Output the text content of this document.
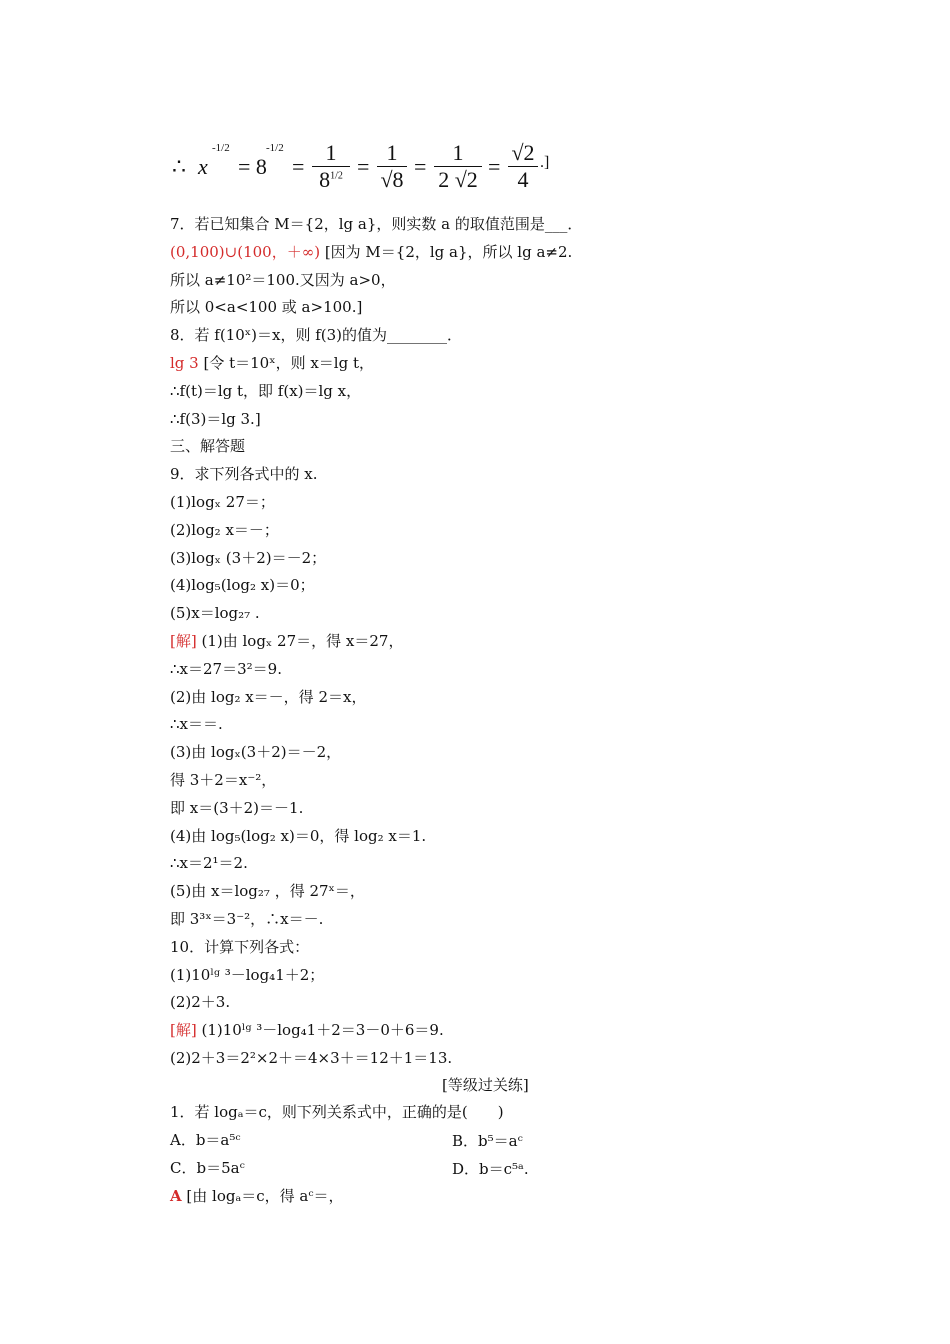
∴ x
-1/2
= 8
-1/2
=
1
$8^{1/2}$ =
1
√8
=
1
2 √2
=
√2
4
.]
7．若已知集合 M＝{2，lg a}，则实数 a 的取值范围是___．
(0,100)∪(100，＋∞) [因为 M＝{2，lg a}，所以 lg a≠2.
所以 a≠10²＝100.又因为 a>0，
所以 0<a<100 或 a>100.]
8．若 f(10ˣ)＝x，则 f(3)的值为________．
lg 3 [令 t＝10ˣ，则 x＝lg t，
∴f(t)＝lg t，即 f(x)＝lg x，
∴f(3)＝lg 3.]
三、解答题
9．求下列各式中的 x.
(1)logₓ 27＝；
(2)log₂ x＝－；
(3)logₓ (3＋2)＝－2；
(4)log₅(log₂ x)＝0；
(5)x＝log₂₇ .
[解] (1)由 logₓ 27＝，得 x＝27，
∴x＝27＝3²＝9.
(2)由 log₂ x＝－，得 2＝x，
∴x＝＝.
(3)由 logₓ(3＋2)＝－2，
得 3＋2＝x⁻²，
即 x＝(3＋2)＝－1.
(4)由 log₅(log₂ x)＝0，得 log₂ x＝1.
∴x＝2¹＝2.
(5)由 x＝log₂₇ ，得 27ˣ＝，
即 3³ˣ＝3⁻²，∴x＝－.
10．计算下列各式：
(1)10ˡᵍ ³－log₄1＋2；
(2)2＋3.
[解] (1)10ˡᵍ ³－log₄1＋2＝3－0＋6＝9.
(2)2＋3＝2²×2＋＝4×3＋＝12＋1＝13.
[等级过关练]
1．若 logₐ＝c，则下列关系式中，正确的是(　　)
A．b＝a⁵ᶜ	B．b⁵＝aᶜ
C．b＝5aᶜ	D．b＝c⁵ᵃ.
A [由 logₐ＝c，得 aᶜ＝，
